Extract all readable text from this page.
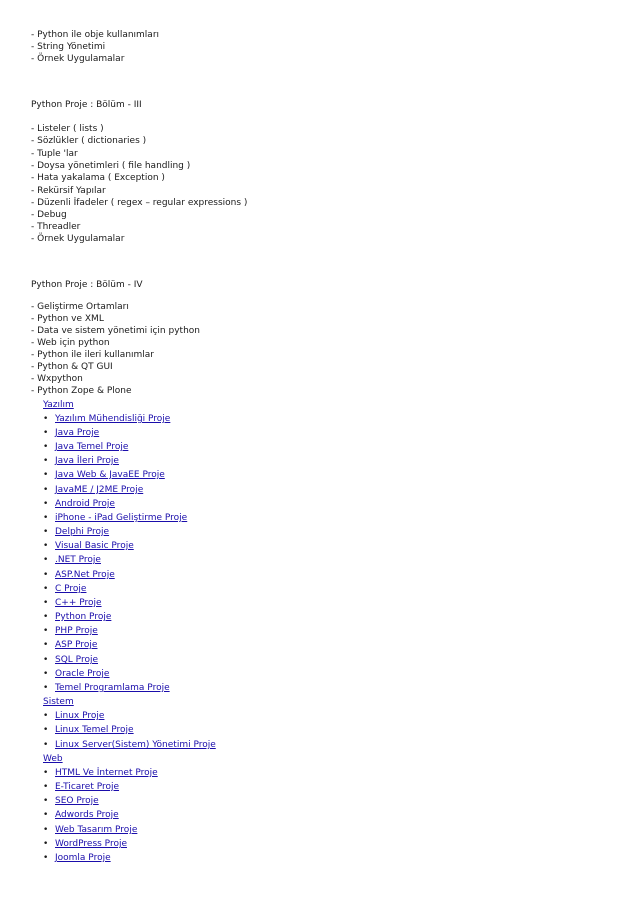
- Python ile obje kullanımları
- String Yönetimi
- Örnek Uygulamalar
Python Proje : Bölüm - III
- Listeler ( lists )
- Sözlükler ( dictionaries )
- Tuple 'lar
- Doysa yönetimleri ( file handling )
- Hata yakalama ( Exception )
- Rekürsif Yapılar
- Düzenli İfadeler ( regex – regular expressions )
- Debug
- Threadler
- Örnek Uygulamalar
Python Proje : Bölüm - IV
- Geliştirme Ortamları
- Python ve XML
- Data ve sistem yönetimi için python
- Web için python
- Python ile ileri kullanımlar
- Python & QT GUI
- Wxpython
- Python Zope & Plone
Yazılım
• Yazılım Mühendisliği Proje
• Java Proje
• Java Temel Proje
• Java İleri Proje
• Java Web & JavaEE Proje
• JavaME / J2ME Proje
• Android Proje
• iPhone - iPad Geliştirme Proje
• Delphi Proje
• Visual Basic Proje
• .NET Proje
• ASP.Net Proje
• C Proje
• C++ Proje
• Python Proje
• PHP Proje
• ASP Proje
• SQL Proje
• Oracle Proje
• Temel Programlama Proje
Sistem
• Linux Proje
• Linux Temel Proje
• Linux Server(Sistem) Yönetimi Proje
Web
• HTML Ve İnternet Proje
• E-Ticaret Proje
• SEO Proje
• Adwords Proje
• Web Tasarım Proje
• WordPress Proje
• Joomla Proje
